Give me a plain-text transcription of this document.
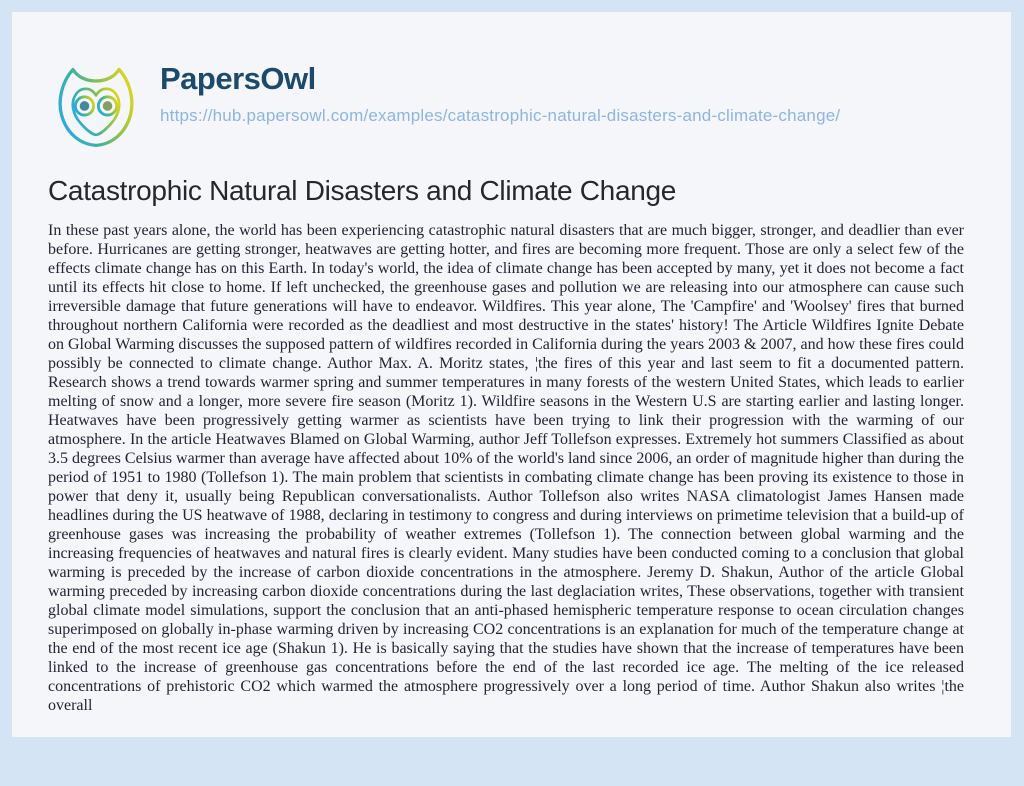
PapersOwl
https://hub.papersowl.com/examples/catastrophic-natural-disasters-and-climate-change/
Catastrophic Natural Disasters and Climate Change

In these past years alone, the world has been experiencing catastrophic natural disasters that are much bigger, stronger, and deadlier than ever before. Hurricanes are getting stronger, heatwaves are getting hotter, and fires are becoming more frequent. Those are only a select few of the effects climate change has on this Earth. In today's world, the idea of climate change has been accepted by many, yet it does not become a fact until its effects hit close to home. If left unchecked, the greenhouse gases and pollution we are releasing into our atmosphere can cause such irreversible damage that future generations will have to endeavor. Wildfires. This year alone, The 'Campfire' and 'Woolsey' fires that burned throughout northern California were recorded as the deadliest and most destructive in the states' history! The Article Wildfires Ignite Debate on Global Warming discusses the supposed pattern of wildfires recorded in California during the years 2003 & 2007, and how these fires could possibly be connected to climate change. Author Max. A. Moritz states, ¦the fires of this year and last seem to fit a documented pattern. Research shows a trend towards warmer spring and summer temperatures in many forests of the western United States, which leads to earlier melting of snow and a longer, more severe fire season (Moritz 1). Wildfire seasons in the Western U.S are starting earlier and lasting longer. Heatwaves have been progressively getting warmer as scientists have been trying to link their progression with the warming of our atmosphere. In the article Heatwaves Blamed on Global Warming, author Jeff Tollefson expresses. Extremely hot summers Classified as about 3.5 degrees Celsius warmer than average have affected about 10% of the world's land since 2006, an order of magnitude higher than during the period of 1951 to 1980 (Tollefson 1). The main problem that scientists in combating climate change has been proving its existence to those in power that deny it, usually being Republican conversationalists. Author Tollefson also writes NASA climatologist James Hansen made headlines during the US heatwave of 1988, declaring in testimony to congress and during interviews on primetime television that a build-up of greenhouse gases was increasing the probability of weather extremes (Tollefson 1). The connection between global warming and the increasing frequencies of heatwaves and natural fires is clearly evident. Many studies have been conducted coming to a conclusion that global warming is preceded by the increase of carbon dioxide concentrations in the atmosphere. Jeremy D. Shakun, Author of the article Global warming preceded by increasing carbon dioxide concentrations during the last deglaciation writes, These observations, together with transient global climate model simulations, support the conclusion that an anti-phased hemispheric temperature response to ocean circulation changes superimposed on globally in-phase warming driven by increasing CO2 concentrations is an explanation for much of the temperature change at the end of the most recent ice age (Shakun 1). He is basically saying that the studies have shown that the increase of temperatures have been linked to the increase of greenhouse gas concentrations before the end of the last recorded ice age. The melting of the ice released concentrations of prehistoric CO2 which warmed the atmosphere progressively over a long period of time. Author Shakun also writes ¦the overall
